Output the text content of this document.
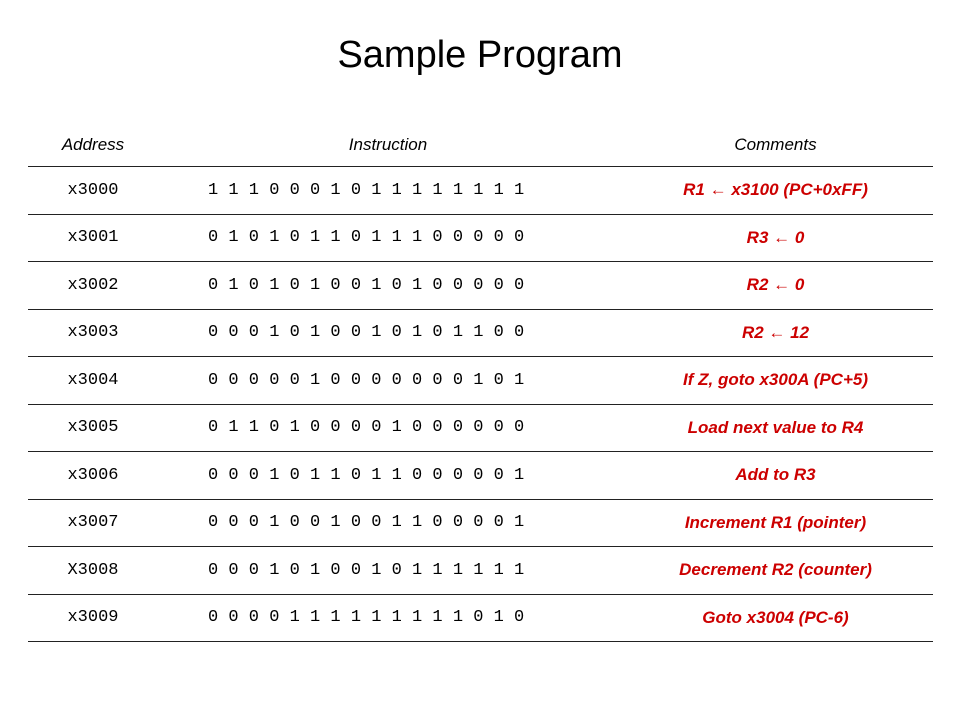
Sample Program
Address	Instruction	Comments
x3000	1 1 1 0 0 0 1 0 1 1 1 1 1 1 1 1	R1 ← x3100 (PC+0xFF)
x3001	0 1 0 1 0 1 1 0 1 1 1 0 0 0 0 0	R3 ← 0
x3002	0 1 0 1 0 1 0 0 1 0 1 0 0 0 0 0	R2 ← 0
x3003	0 0 0 1 0 1 0 0 1 0 1 0 1 1 0 0	R2 ← 12
x3004	0 0 0 0 0 1 0 0 0 0 0 0 0 1 0 1	If Z, goto x300A (PC+5)
x3005	0 1 1 0 1 0 0 0 0 1 0 0 0 0 0 0	Load next value to R4
x3006	0 0 0 1 0 1 1 0 1 1 0 0 0 0 0 1	Add to R3
x3007	0 0 0 1 0 0 1 0 0 1 1 0 0 0 0 1	Increment R1 (pointer)
X3008	0 0 0 1 0 1 0 0 1 0 1 1 1 1 1 1	Decrement R2 (counter)
x3009	0 0 0 0 1 1 1 1 1 1 1 1 1 0 1 0	Goto x3004 (PC-6)
